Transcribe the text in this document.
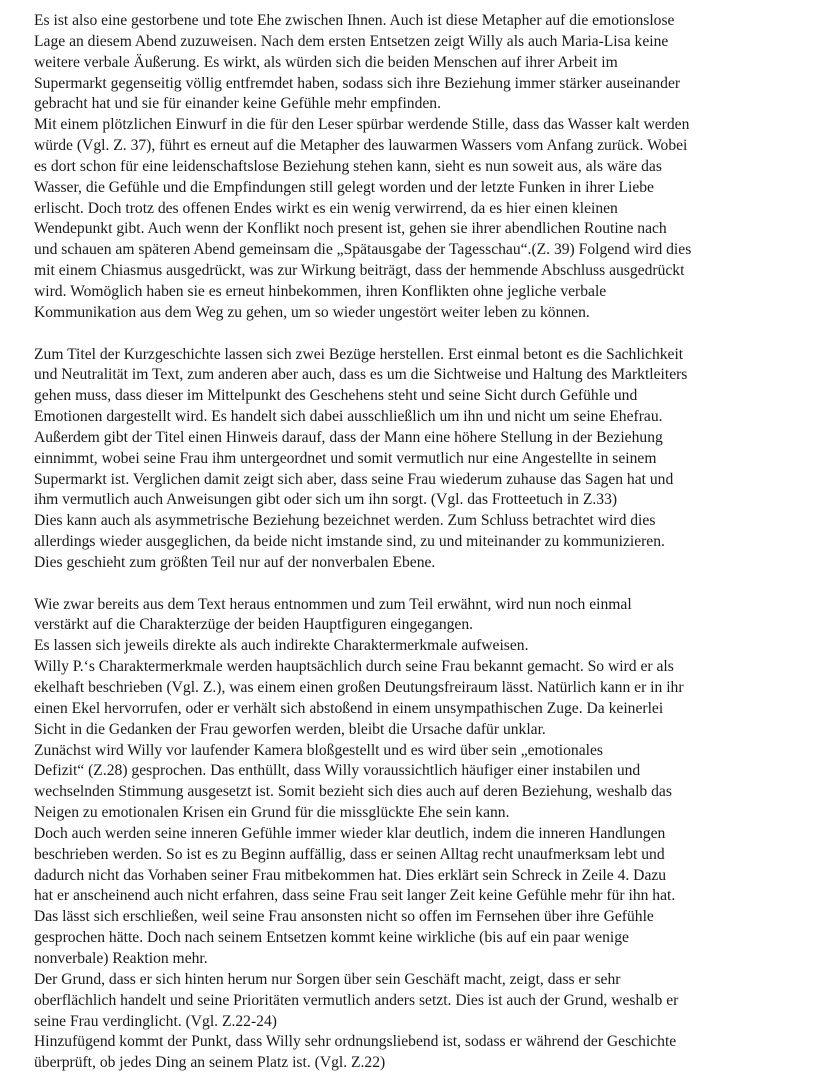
Es ist also eine gestorbene und tote Ehe zwischen Ihnen. Auch ist diese Metapher auf die emotionslose
Lage an diesem Abend zuzuweisen. Nach dem ersten Entsetzen zeigt Willy als auch Maria-Lisa keine
weitere verbale Äußerung. Es wirkt, als würden sich die beiden Menschen auf ihrer Arbeit im
Supermarkt gegenseitig völlig entfremdet haben, sodass sich ihre Beziehung immer stärker auseinander
gebracht hat und sie für einander keine Gefühle mehr empfinden.
Mit einem plötzlichen Einwurf in die für den Leser spürbar werdende Stille, dass das Wasser kalt werden
würde (Vgl. Z. 37), führt es erneut auf die Metapher des lauwarmen Wassers vom Anfang zurück. Wobei
es dort schon für eine leidenschaftslose Beziehung stehen kann, sieht es nun soweit aus, als wäre das
Wasser, die Gefühle und die Empfindungen still gelegt worden und der letzte Funken in ihrer Liebe
erlischt. Doch trotz des offenen Endes wirkt es ein wenig verwirrend, da es hier einen kleinen
Wendepunkt gibt. Auch wenn der Konflikt noch present ist, gehen sie ihrer abendlichen Routine nach
und schauen am späteren Abend gemeinsam die „Spätausgabe der Tagesschau“.(Z. 39) Folgend wird dies
mit einem Chiasmus ausgedrückt, was zur Wirkung beiträgt, dass der hemmende Abschluss ausgedrückt
wird. Womöglich haben sie es erneut hinbekommen, ihren Konflikten ohne jegliche verbale
Kommunikation aus dem Weg zu gehen, um so wieder ungestört weiter leben zu können.
Zum Titel der Kurzgeschichte lassen sich zwei Bezüge herstellen. Erst einmal betont es die Sachlichkeit
und Neutralität im Text, zum anderen aber auch, dass es um die Sichtweise und Haltung des Marktleiters
gehen muss, dass dieser im Mittelpunkt des Geschehens steht und seine Sicht durch Gefühle und
Emotionen dargestellt wird. Es handelt sich dabei ausschließlich um ihn und nicht um seine Ehefrau.
Außerdem gibt der Titel einen Hinweis darauf, dass der Mann eine höhere Stellung in der Beziehung
einnimmt, wobei seine Frau ihm untergeordnet und somit vermutlich nur eine Angestellte in seinem
Supermarkt ist. Verglichen damit zeigt sich aber, dass seine Frau wiederum zuhause das Sagen hat und
ihm vermutlich auch Anweisungen gibt oder sich um ihn sorgt. (Vgl. das Frotteetuch in Z.33)
Dies kann auch als asymmetrische Beziehung bezeichnet werden. Zum Schluss betrachtet wird dies
allerdings wieder ausgeglichen, da beide nicht imstande sind, zu und miteinander zu kommunizieren.
Dies geschieht zum größten Teil nur auf der nonverbalen Ebene.
Wie zwar bereits aus dem Text heraus entnommen und zum Teil erwähnt, wird nun noch einmal
verstärkt auf die Charakterzüge der beiden Hauptfiguren eingegangen.
Es lassen sich jeweils direkte als auch indirekte Charaktermerkmale aufweisen.
Willy P.‘s Charaktermerkmale werden hauptsächlich durch seine Frau bekannt gemacht. So wird er als
ekelhaft beschrieben (Vgl. Z.), was einem einen großen Deutungsfreiraum lässt. Natürlich kann er in ihr
einen Ekel hervorrufen, oder er verhält sich abstoßend in einem unsympathischen Zuge. Da keinerlei
Sicht in die Gedanken der Frau geworfen werden, bleibt die Ursache dafür unklar.
Zunächst wird Willy vor laufender Kamera bloßgestellt und es wird über sein „emotionales
Defizit“ (Z.28) gesprochen. Das enthüllt, dass Willy voraussichtlich häufiger einer instabilen und
wechselnden Stimmung ausgesetzt ist. Somit bezieht sich dies auch auf deren Beziehung, weshalb das
Neigen zu emotionalen Krisen ein Grund für die missglückte Ehe sein kann.
Doch auch werden seine inneren Gefühle immer wieder klar deutlich, indem die inneren Handlungen
beschrieben werden. So ist es zu Beginn auffällig, dass er seinen Alltag recht unaufmerksam lebt und
dadurch nicht das Vorhaben seiner Frau mitbekommen hat. Dies erklärt sein Schreck in Zeile 4. Dazu
hat er anscheinend auch nicht erfahren, dass seine Frau seit langer Zeit keine Gefühle mehr für ihn hat.
Das lässt sich erschließen, weil seine Frau ansonsten nicht so offen im Fernsehen über ihre Gefühle
gesprochen hätte. Doch nach seinem Entsetzen kommt keine wirkliche (bis auf ein paar wenige
nonverbale) Reaktion mehr.
Der Grund, dass er sich hinten herum nur Sorgen über sein Geschäft macht, zeigt, dass er sehr
oberflächlich handelt und seine Prioritäten vermutlich anders setzt. Dies ist auch der Grund, weshalb er
seine Frau verdinglicht. (Vgl. Z.22-24)
Hinzufügend kommt der Punkt, dass Willy sehr ordnungsliebend ist, sodass er während der Geschichte
überprüft, ob jedes Ding an seinem Platz ist. (Vgl. Z.22)
